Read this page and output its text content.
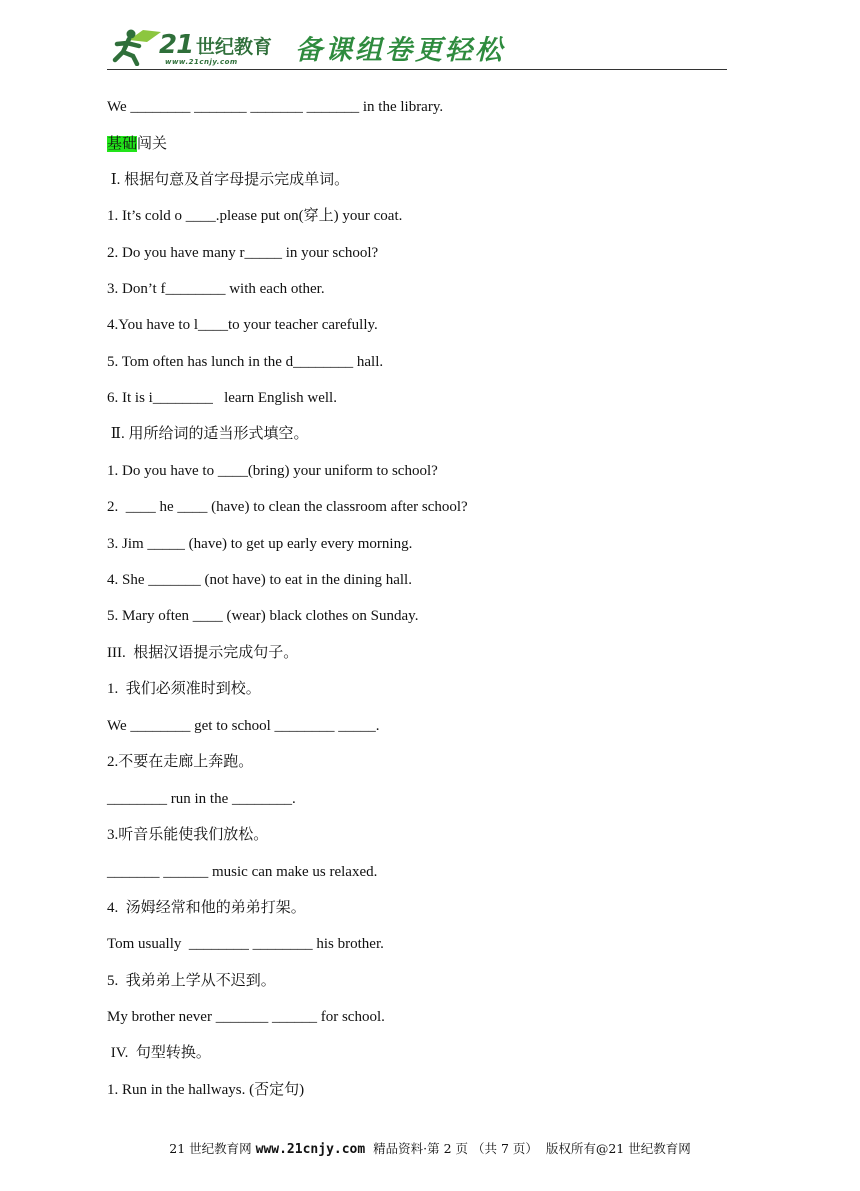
21 世纪教育
www.21cnjy.com 备课组卷更轻松
We ________ _______ _______ _______ in the library.
基础闯关
Ⅰ. 根据句意及首字母提示完成单词。
1. It’s cold o ____.please put on(穿上) your coat.
2. Do you have many r_____ in your school?
3. Don’t f________ with each other.
4.You have to l____to your teacher carefully.
5. Tom often has lunch in the d________ hall.
6. It is i________   learn English well.
Ⅱ. 用所给词的适当形式填空。
1. Do you have to ____(bring) your uniform to school?
2.  ____ he ____ (have) to clean the classroom after school?
3. Jim _____ (have) to get up early every morning.
4. She _______ (not have) to eat in the dining hall.
5. Mary often ____ (wear) black clothes on Sunday.
III.  根据汉语提示完成句子。
1.  我们必须准时到校。
We ________ get to school ________ _____.
2.不要在走廊上奔跑。
________ run in the ________.
3.听音乐能使我们放松。
_______ ______ music can make us relaxed.
4.  汤姆经常和他的弟弟打架。
Tom usually  ________ ________ his brother.
5.  我弟弟上学从不迟到。
My brother never _______ ______ for school.
IV.  句型转换。
1. Run in the hallways. (否定句)
21 世纪教育网 www.21cnjy.com  精品资料·第 2 页 （共 7 页）  版权所有@21 世纪教育网
